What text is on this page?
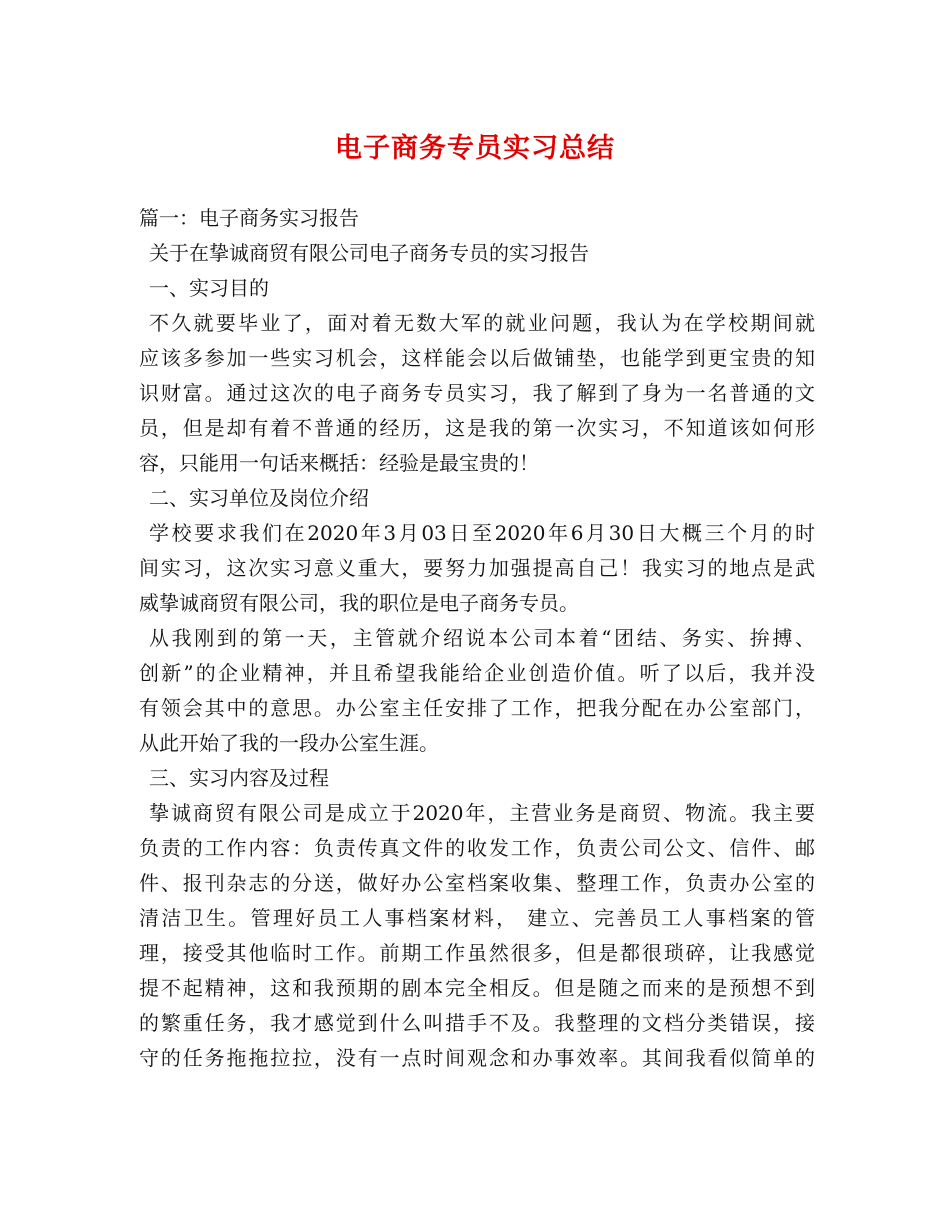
电子商务专员实习总结

篇一：电子商务实习报告

关于在挚诚商贸有限公司电子商务专员的实习报告

一、实习目的

不久就要毕业了，面对着无数大军的就业问题，我认为在学校期间就

应该多参加一些实习机会，这样能会以后做铺垫，也能学到更宝贵的知

识财富。通过这次的电子商务专员实习，我了解到了身为一名普通的文

员，但是却有着不普通的经历，这是我的第一次实习，不知道该如何形

容，只能用一句话来概括：经验是最宝贵的！

二、实习单位及岗位介绍

学校要求我们在2020年3月03日至2020年6月30日大概三个月的时

间实习，这次实习意义重大，要努力加强提高自己！我实习的地点是武

威挚诚商贸有限公司，我的职位是电子商务专员。

从我刚到的第一天，主管就介绍说本公司本着“团结、务实、拚搏、

创新”的企业精神，并且希望我能给企业创造价值。听了以后，我并没

有领会其中的意思。办公室主任安排了工作，把我分配在办公室部门，

从此开始了我的一段办公室生涯。

三、实习内容及过程

挚诚商贸有限公司是成立于2020年，主营业务是商贸、物流。我主要

负责的工作内容：负责传真文件的收发工作，负责公司公文、信件、邮

件、报刊杂志的分送，做好办公室档案收集、整理工作，负责办公室的

清洁卫生。管理好员工人事档案材料， 建立、完善员工人事档案的管

理，接受其他临时工作。前期工作虽然很多，但是都很琐碎，让我感觉

提不起精神，这和我预期的剧本完全相反。但是随之而来的是预想不到

的繁重任务，我才感觉到什么叫措手不及。我整理的文档分类错误，接

守的任务拖拖拉拉，没有一点时间观念和办事效率。其间我看似简单的
